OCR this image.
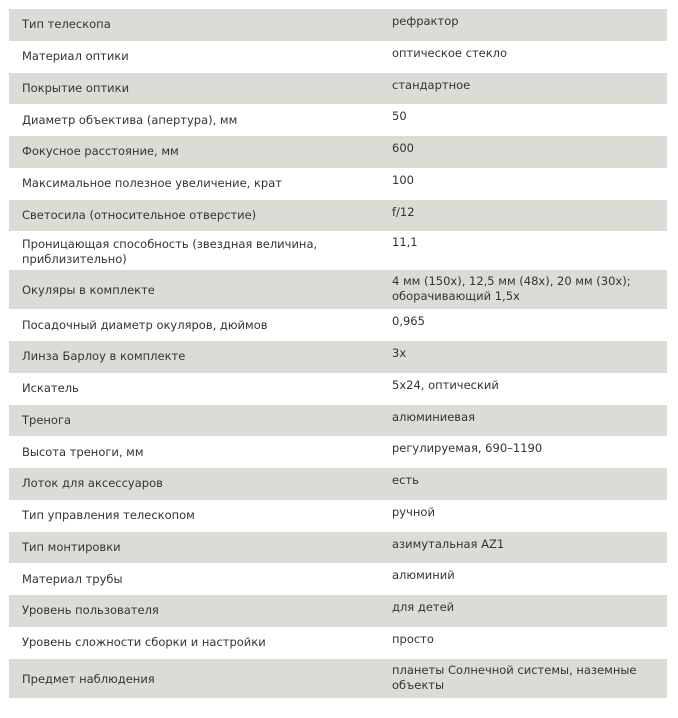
Тип телескопа	рефрактор
Материал оптики	оптическое стекло
Покрытие оптики	стандартное
Диаметр объектива (апертура), мм	50
Фокусное расстояние, мм	600
Максимальное полезное увеличение, крат	100
Светосила (относительное отверстие)	f/12
Проницающая способность (звездная величина, приблизительно)	11,1
Окуляры в комплекте	4 мм (150х), 12,5 мм (48х), 20 мм (30х); оборачивающий 1,5х
Посадочный диаметр окуляров, дюймов	0,965
Линза Барлоу в комплекте	3х
Искатель	5х24, оптический
Тренога	алюминиевая
Высота треноги, мм	регулируемая, 690–1190
Лоток для аксессуаров	есть
Тип управления телескопом	ручной
Тип монтировки	азимутальная AZ1
Материал трубы	алюминий
Уровень пользователя	для детей
Уровень сложности сборки и настройки	просто
Предмет наблюдения	планеты Солнечной системы, наземные объекты
